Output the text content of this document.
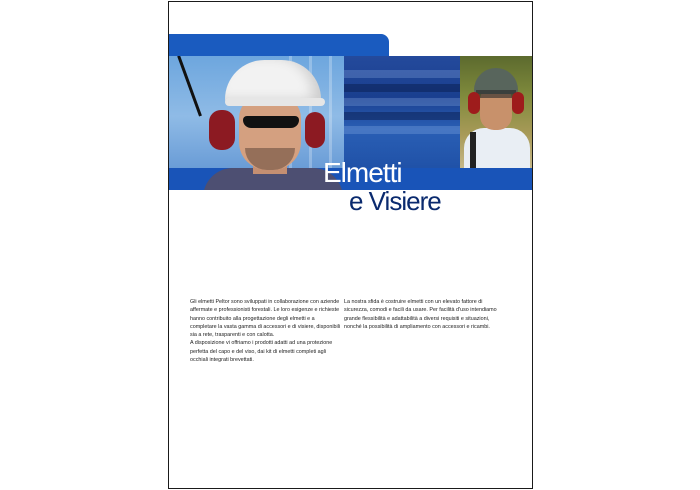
Elmetti
e Visiere

Gli elmetti Peltor sono sviluppati in collaborazione con aziende affermate e professionisti forestali. Le loro esigenze e richieste hanno contribuito alla progettazione degli elmetti e a completare la vasta gamma di accessori e di visiere, disponibili sia a rete, trasparenti e con calotta.

A disposizione vi offriamo i prodotti adatti ad una protezione perfetta del capo e del viso, dai kit di elmetti completi agli occhiali integrati brevettati.

La nostra sfida è costruire elmetti con un elevato fattore di sicurezza, comodi e facili da usare. Per facilità d'uso intendiamo grande flessibilità e adattabilità a diversi requisiti e situazioni, nonché la possibilità di ampliamento con accessori e ricambi.
